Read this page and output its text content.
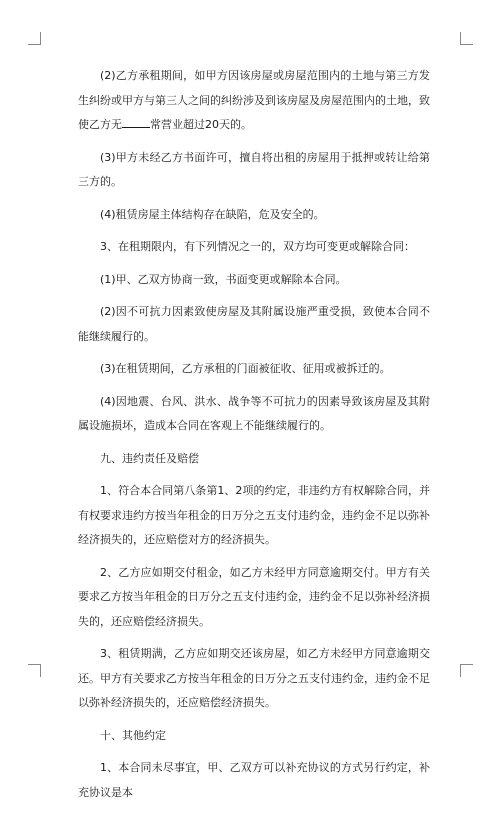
(2)乙方承租期间，如甲方因该房屋或房屋范围内的土地与第三方发生纠纷或甲方与第三人之间的纠纷涉及到该房屋及房屋范围内的土地，致使乙方无	常营业超过20天的。

(3)甲方未经乙方书面许可，擅自将出租的房屋用于抵押或转让给第三方的。

(4)租赁房屋主体结构存在缺陷，危及安全的。

3、在租期限内，有下列情况之一的，双方均可变更或解除合同：

(1)甲、乙双方协商一致，书面变更或解除本合同。

(2)因不可抗力因素致使房屋及其附属设施严重受损，致使本合同不能继续履行的。

(3)在租赁期间，乙方承租的门面被征收、征用或被拆迁的。

(4)因地震、台风、洪水、战争等不可抗力的因素导致该房屋及其附属设施损坏，造成本合同在客观上不能继续履行的。

九、违约责任及赔偿

1、符合本合同第八条第1、2项的约定，非违约方有权解除合同，并有权要求违约方按当年租金的日万分之五支付违约金，违约金不足以弥补经济损失的，还应赔偿对方的经济损失。

2、乙方应如期交付租金，如乙方未经甲方同意逾期交付。甲方有关要求乙方按当年租金的日万分之五支付违约金，违约金不足以弥补经济损失的，还应赔偿经济损失。

3、租赁期满，乙方应如期交还该房屋，如乙方未经甲方同意逾期交还。甲方有关要求乙方按当年租金的日万分之五支付违约金，违约金不足以弥补经济损失的，还应赔偿经济损失。

十、其他约定

1、本合同未尽事宜，甲、乙双方可以补充协议的方式另行约定，补充协议是本
